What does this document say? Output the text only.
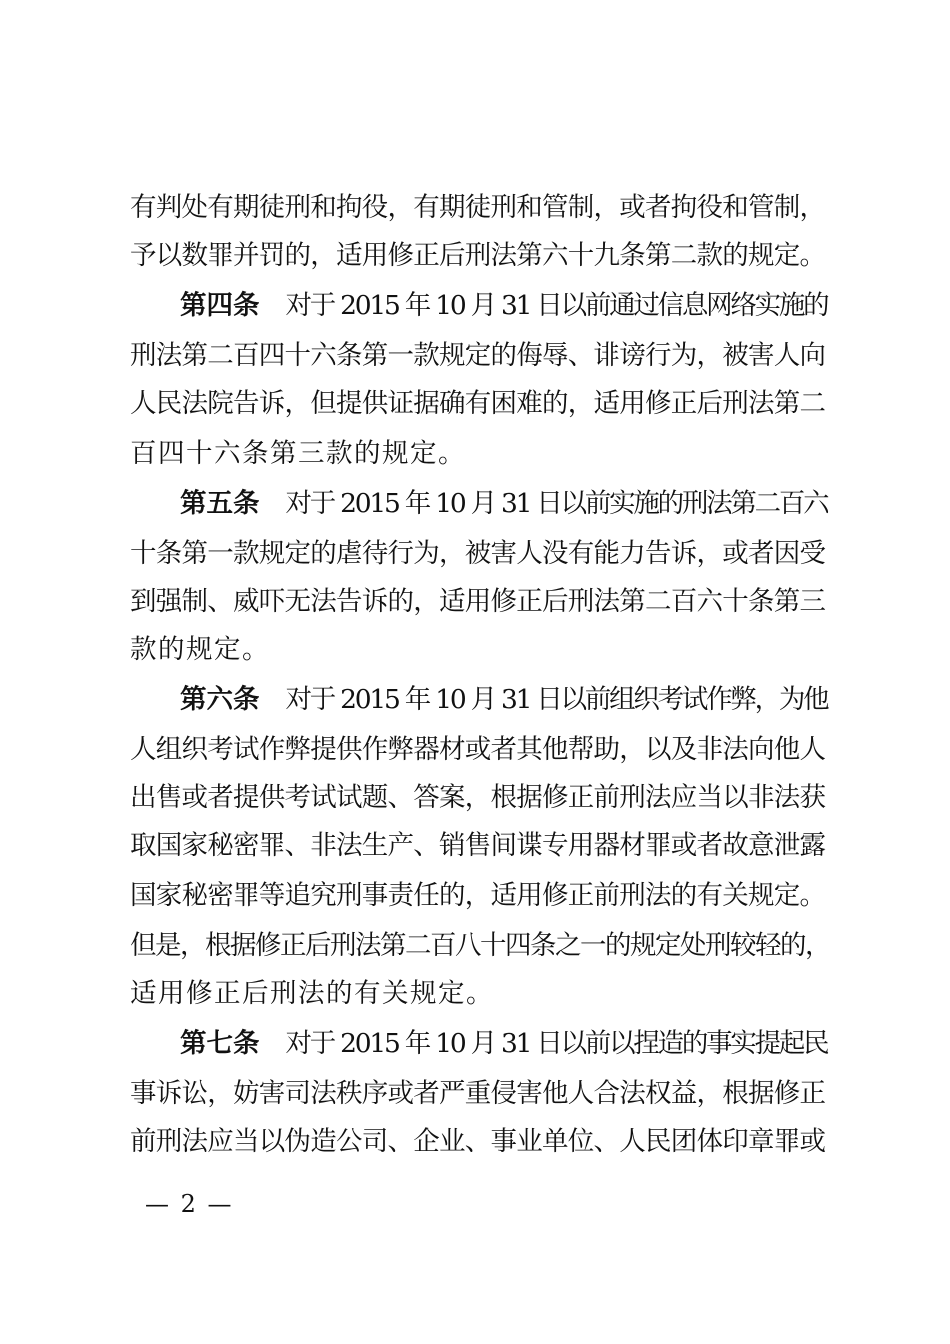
有判处有期徒刑和拘役，有期徒刑和管制，或者拘役和管制，
予以数罪并罚的，适用修正后刑法第六十九条第二款的规定。
第四条 对于 2015 年 10 月 31 日以前通过信息网络实施的
刑法第二百四十六条第一款规定的侮辱、诽谤行为，被害人向
人民法院告诉，但提供证据确有困难的，适用修正后刑法第二
百四十六条第三款的规定。
第五条 对于 2015 年 10 月 31 日以前实施的刑法第二百六
十条第一款规定的虐待行为，被害人没有能力告诉，或者因受
到强制、威吓无法告诉的，适用修正后刑法第二百六十条第三
款的规定。
第六条 对于 2015 年 10 月 31 日以前组织考试作弊，为他
人组织考试作弊提供作弊器材或者其他帮助，以及非法向他人
出售或者提供考试试题、答案，根据修正前刑法应当以非法获
取国家秘密罪、非法生产、销售间谍专用器材罪或者故意泄露
国家秘密罪等追究刑事责任的，适用修正前刑法的有关规定。
但是，根据修正后刑法第二百八十四条之一的规定处刑较轻的，
适用修正后刑法的有关规定。
第七条 对于 2015 年 10 月 31 日以前以捏造的事实提起民
事诉讼，妨害司法秩序或者严重侵害他人合法权益，根据修正
前刑法应当以伪造公司、企业、事业单位、人民团体印章罪或
— 2 —
